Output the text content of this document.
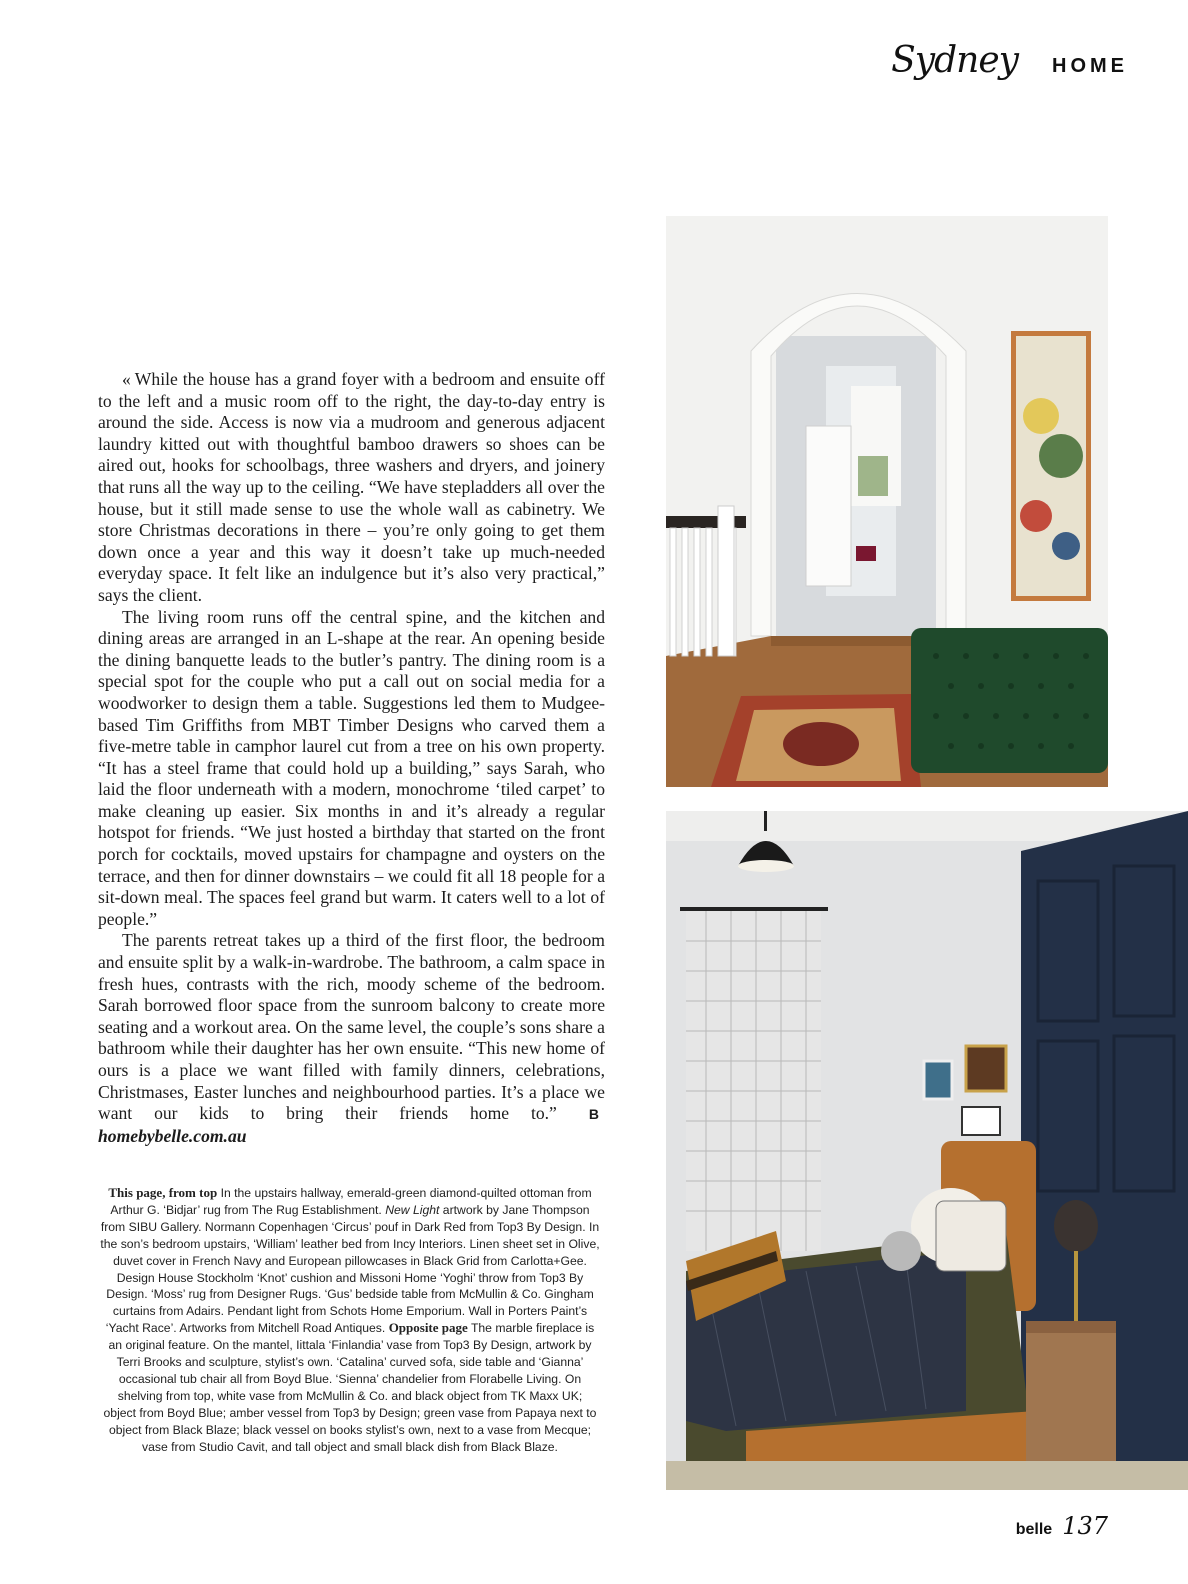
Sydney HOME

« While the house has a grand foyer with a bedroom and ensuite off to the left and a music room off to the right, the day-to-day entry is around the side. Access is now via a mudroom and generous adjacent laundry kitted out with thoughtful bamboo drawers so shoes can be aired out, hooks for schoolbags, three washers and dryers, and joinery that runs all the way up to the ceiling. “We have stepladders all over the house, but it still made sense to use the whole wall as cabinetry. We store Christmas decorations in there – you’re only going to get them down once a year and this way it doesn’t take up much-needed everyday space. It felt like an indulgence but it’s also very practical,” says the client.

The living room runs off the central spine, and the kitchen and dining areas are arranged in an L-shape at the rear. An opening beside the dining banquette leads to the butler’s pantry. The dining room is a special spot for the couple who put a call out on social media for a woodworker to design them a table. Suggestions led them to Mudgee-based Tim Griffiths from MBT Timber Designs who carved them a five-metre table in camphor laurel cut from a tree on his own property. “It has a steel frame that could hold up a building,” says Sarah, who laid the floor underneath with a modern, monochrome ‘tiled carpet’ to make cleaning up easier. Six months in and it’s already a regular hotspot for friends. “We just hosted a birthday that started on the front porch for cocktails, moved upstairs for champagne and oysters on the terrace, and then for dinner downstairs – we could fit all 18 people for a sit-down meal. The spaces feel grand but warm. It caters well to a lot of people.”

The parents retreat takes up a third of the first floor, the bedroom and ensuite split by a walk-in-wardrobe. The bathroom, a calm space in fresh hues, contrasts with the rich, moody scheme of the bedroom. Sarah borrowed floor space from the sunroom balcony to create more seating and a workout area. On the same level, the couple’s sons share a bathroom while their daughter has her own ensuite. “This new home of ours is a place we want filled with family dinners, celebrations, Christmases, Easter lunches and neighbourhood parties. It’s a place we want our kids to bring their friends home to.” Bhomebybelle.com.au

This page, from top In the upstairs hallway, emerald-green diamond-quilted ottoman from Arthur G. ‘Bidjar’ rug from The Rug Establishment. New Light artwork by Jane Thompson from SIBU Gallery. Normann Copenhagen ‘Circus’ pouf in Dark Red from Top3 By Design. In the son’s bedroom upstairs, ‘William’ leather bed from Incy Interiors. Linen sheet set in Olive, duvet cover in French Navy and European pillowcases in Black Grid from Carlotta+Gee. Design House Stockholm ‘Knot’ cushion and Missoni Home ‘Yoghi’ throw from Top3 By Design. ‘Moss’ rug from Designer Rugs. ‘Gus’ bedside table from McMullin & Co. Gingham curtains from Adairs. Pendant light from Schots Home Emporium. Wall in Porters Paint’s ‘Yacht Race’. Artworks from Mitchell Road Antiques. Opposite page The marble fireplace is an original feature. On the mantel, Iittala ‘Finlandia’ vase from Top3 By Design, artwork by Terri Brooks and sculpture, stylist’s own. ‘Catalina’ curved sofa, side table and ‘Gianna’ occasional tub chair all from Boyd Blue. ‘Sienna’ chandelier from Florabelle Living. On shelving from top, white vase from McMullin & Co. and black object from TK Maxx UK; object from Boyd Blue; amber vessel from Top3 by Design; green vase from Papaya next to object from Black Blaze; black vessel on books stylist’s own, next to a vase from Mecque; vase from Studio Cavit, and tall object and small black dish from Black Blaze.
belle 137
